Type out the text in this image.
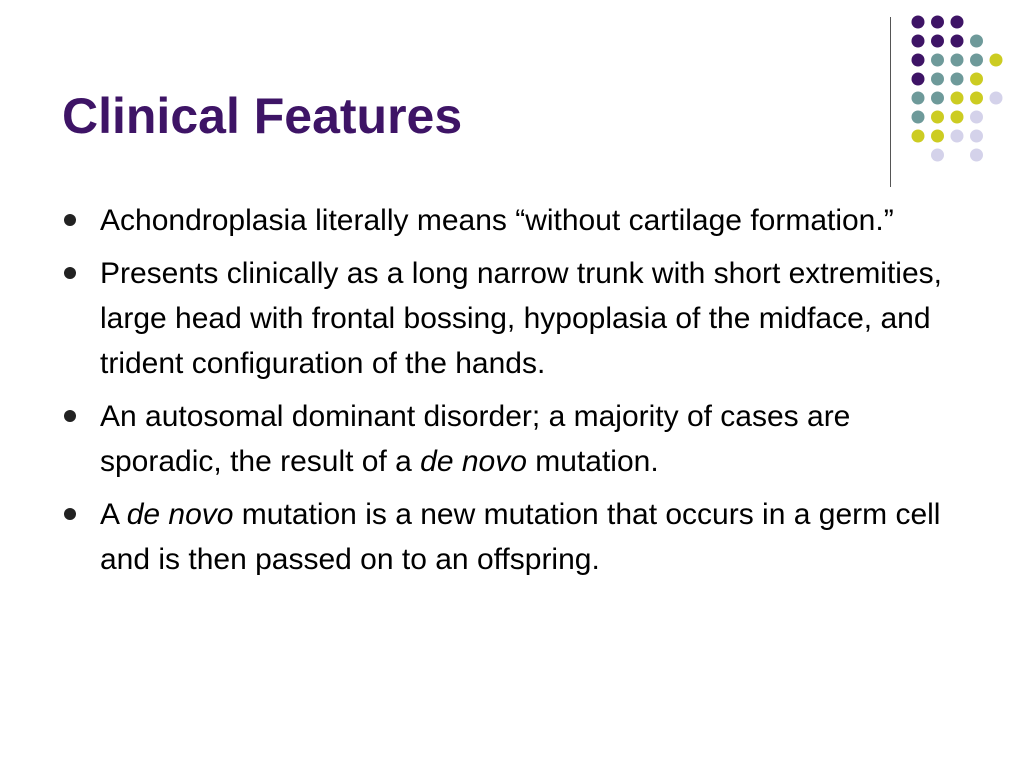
Clinical Features
Achondroplasia literally means “without cartilage formation.”
Presents clinically as a long narrow trunk with short extremities, large head with frontal bossing, hypoplasia of the midface, and trident configuration of the hands.
An autosomal dominant disorder; a majority of cases are sporadic, the result of a de novo mutation.
A de novo mutation is a new mutation that occurs in a germ cell and is then passed on to an offspring.
